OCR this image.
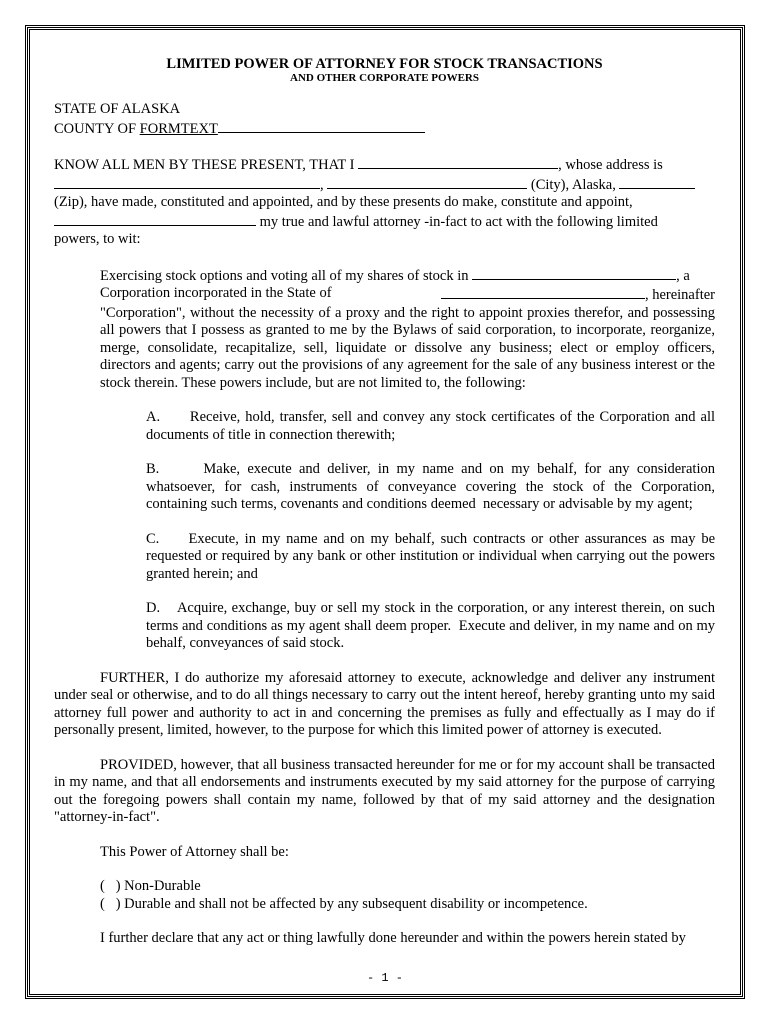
LIMITED POWER OF ATTORNEY FOR STOCK TRANSACTIONS

AND OTHER CORPORATE POWERS

STATE OF ALASKA

COUNTY OF FORMTEXT

KNOW ALL MEN BY THESE PRESENT, THAT I	, whose address is
,	(City), Alaska,
(Zip), have made, constituted and appointed, and by these presents do make, constitute and appoint,
my true and lawful attorney -in-fact to act with the following limited
powers, to wit:

Exercising stock options and voting all of my shares of stock in	, a
Corporation incorporated in the State of	, hereinafter
"Corporation", without the necessity of a proxy and the right to appoint proxies therefor, and possessing all powers that I possess as granted to me by the Bylaws of said corporation, to incorporate, reorganize, merge, consolidate, recapitalize, sell, liquidate or dissolve any business; elect or employ officers, directors and agents; carry out the provisions of any agreement for the sale of any business interest or the stock therein. These powers include, but are not limited to, the following:

A.      Receive, hold, transfer, sell and convey any stock certificates of the Corporation and all documents of title in connection therewith;

B.      Make, execute and deliver, in my name and on my behalf, for any consideration whatsoever, for cash, instruments of conveyance covering the stock of the Corporation, containing such terms, covenants and conditions deemed  necessary or advisable by my agent;

C.     Execute, in my name and on my behalf, such contracts or other assurances as may be requested or required by any bank or other institution or individual when carrying out the powers granted herein; and

D.    Acquire, exchange, buy or sell my stock in the corporation, or any interest therein, on such terms and conditions as my agent shall deem proper.  Execute and deliver, in my name and on my behalf, conveyances of said stock.

FURTHER, I do authorize my aforesaid attorney to execute, acknowledge and deliver any instrument under seal or otherwise, and to do all things necessary to carry out the intent hereof, hereby granting unto my said attorney full power and authority to act in and concerning the premises as fully and effectually as I may do if personally present, limited, however, to the purpose for which this limited power of attorney is executed.

PROVIDED, however, that all business transacted hereunder for me or for my account shall be transacted in my name, and that all endorsements and instruments executed by my said attorney for the purpose of carrying out the foregoing powers shall contain my name, followed by that of my said attorney and the designation "attorney-in-fact".

This Power of Attorney shall be:

(   ) Non-Durable

(   ) Durable and shall not be affected by any subsequent disability or incompetence.

I further declare that any act or thing lawfully done hereunder and within the powers herein stated by

- 1 -
